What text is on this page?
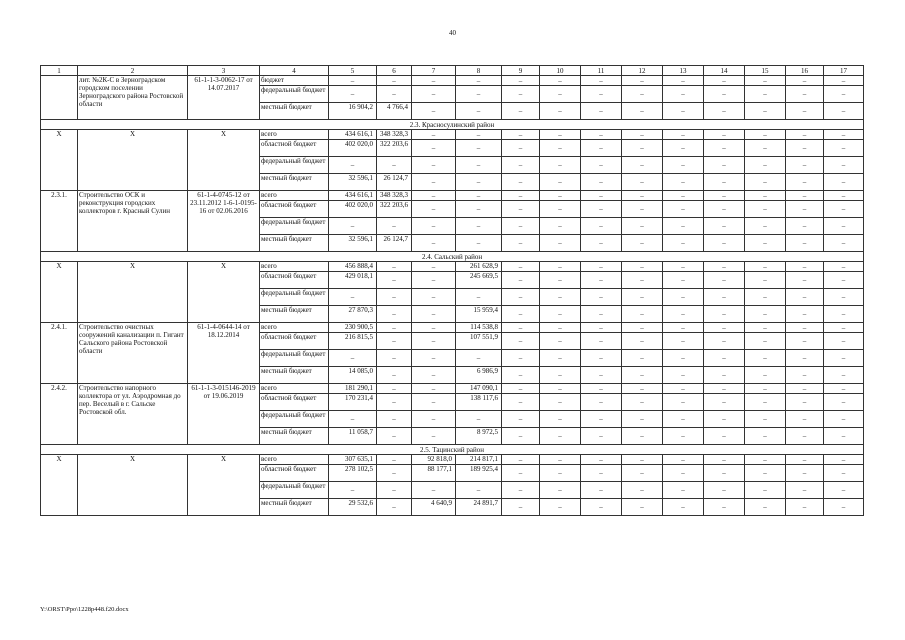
40
1	2	3	4	5	6	7	8	9	10	11	12	13	14	15	16	17
	лит. №2К-С в Зерноградском городском поселении Зерноградского района Ростовской области	61-1-1-3-0062-17 от 14.07.2017	бюджет	–	–	–	–	–	–	–	–	–	–	–	–	–
			федеральный бюджет	–	–	–	–	–	–	–	–	–	–	–	–	–
			местный бюджет	16 904,2	4 766,4	–	–	–	–	–	–	–	–	–	–	–
2.3. Красносулинский район																
Х	Х	Х	всего	434 616,1	348 328,3	–	–	–	–	–	–	–	–	–	–	–
			областной бюджет	402 020,0	322 203,6	–	–	–	–	–	–	–	–	–	–	–
			федеральный бюджет	–	–	–	–	–	–	–	–	–	–	–	–	–
			местный бюджет	32 596,1	26 124,7	–	–	–	–	–	–	–	–	–	–	–
2.3.1.	Строительство ОСК и реконструкция городских коллекторов г. Красный Сулин	61-1-4-0745-12 от 23.11.2012 1-6-1-0195-16 от 02.06.2016	всего	434 616,1	348 328,3	–	–	–	–	–	–	–	–	–	–	–
			областной бюджет	402 020,0	322 203,6	–	–	–	–	–	–	–	–	–	–	–
			федеральный бюджет	–	–	–	–	–	–	–	–	–	–	–	–	–
			местный бюджет	32 596,1	26 124,7	–	–	–	–	–	–	–	–	–	–	–
2.4. Сальский район																
Х	Х	Х	всего	456 888,4	–	–	261 628,9	–	–	–	–	–	–	–	–	–
			областной бюджет	429 018,1	–	–	245 669,5	–	–	–	–	–	–	–	–	–
			федеральный бюджет	–	–	–	–	–	–	–	–	–	–	–	–	–
			местный бюджет	27 870,3	–	–	15 959,4	–	–	–	–	–	–	–	–	–
2.4.1.	Строительство очистных сооружений канализации п. Гигант Сальского района Ростовской области	61-1-4-0644-14 от 18.12.2014	всего	230 900,5	–	–	114 538,8	–	–	–	–	–	–	–	–	–
			областной бюджет	216 815,5	–	–	107 551,9	–	–	–	–	–	–	–	–	–
			федеральный бюджет	–	–	–	–	–	–	–	–	–	–	–	–	–
			местный бюджет	14 085,0	–	–	6 986,9	–	–	–	–	–	–	–	–	–
2.4.2.	Строительство напорного коллектора от ул. Аэродромная до пер. Веселый в г. Сальске Ростовской обл.	61-1-1-3-015146-2019 от 19.06.2019	всего	181 290,1	–	–	147 090,1	–	–	–	–	–	–	–	–	–
			областной бюджет	170 231,4	–	–	138 117,6	–	–	–	–	–	–	–	–	–
			федеральный бюджет	–	–	–	–	–	–	–	–	–	–	–	–	–
			местный бюджет	11 058,7	–	–	8 972,5	–	–	–	–	–	–	–	–	–
2.5. Тацинский район																
Х	Х	Х	всего	307 635,1	–	92 818,0	214 817,1	–	–	–	–	–	–	–	–	–
			областной бюджет	278 102,5	–	88 177,1	189 925,4	–	–	–	–	–	–	–	–	–
			федеральный бюджет	–	–	–	–	–	–	–	–	–	–	–	–	–
			местный бюджет	29 532,6	–	4 640,9	24 891,7	–	–	–	–	–	–	–	–	–
Y:\ORST\Ppo\1228p448.f20.docx
